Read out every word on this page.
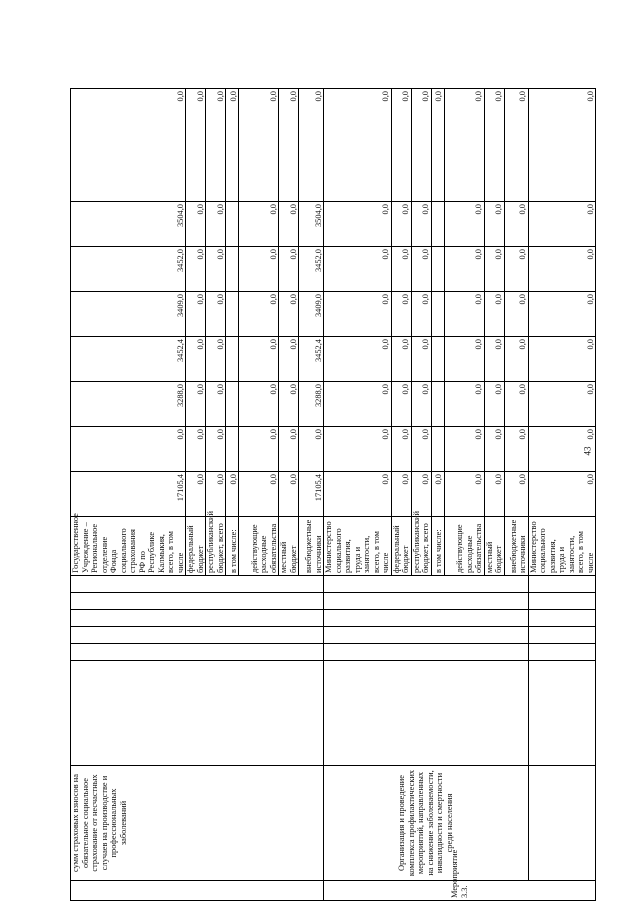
43
	сумм страховых взносов на обязательное социальное страхование от несчастных случаев на производстве и профессиональных заболеваний							Государственное Учреждение – Региональное отделение Фонда социального страхования РФ по Республике Калмыкия, всего, в том числе	17105,4	0,0	3288,0	3452,4	3409,0	3452,0	3504,0	0,0	
								федеральный бюджет	0,0	0,0	0,0	0,0	0,0	0,0	0,0	0,0	
								республиканский бюджет, всего	0,0	0,0	0,0	0,0	0,0	0,0	0,0	0,0	
								в том числе:	0,0							0,0	
								действующие расходные обязательства	0,0	0,0	0,0	0,0	0,0	0,0	0,0	0,0	
								местный бюджет	0,0	0,0	0,0	0,0	0,0	0,0	0,0	0,0	
								внебюджетные источники	17105,4	0,0	3288,0	3452,4	3409,0	3452,0	3504,0	0,0	
Мероприятие 3.3.	Организация и проведение комплекса профилактических мероприятий, направленных на снижение заболеваемости, инвалидности и смертности среди населения							Министерство социального развития, труда и занятости, всего, в том числе	0,0	0,0	0,0	0,0	0,0	0,0	0,0	0,0	
								федеральный бюджет	0,0	0,0	0,0	0,0	0,0	0,0	0,0	0,0	
								республиканский бюджет, всего	0,0	0,0	0,0	0,0	0,0	0,0	0,0	0,0	
								в том числе:	0,0							0,0	
								действующие расходные обязательства	0,0	0,0	0,0	0,0	0,0	0,0	0,0	0,0	
								местный бюджет	0,0	0,0	0,0	0,0	0,0	0,0	0,0	0,0	
								внебюджетные источники	0,0	0,0	0,0	0,0	0,0	0,0	0,0	0,0	
								Министерство социального развития, труда и занятости, всего, в том числе	0,0	0,0	0,0	0,0	0,0	0,0	0,0	0,0	
